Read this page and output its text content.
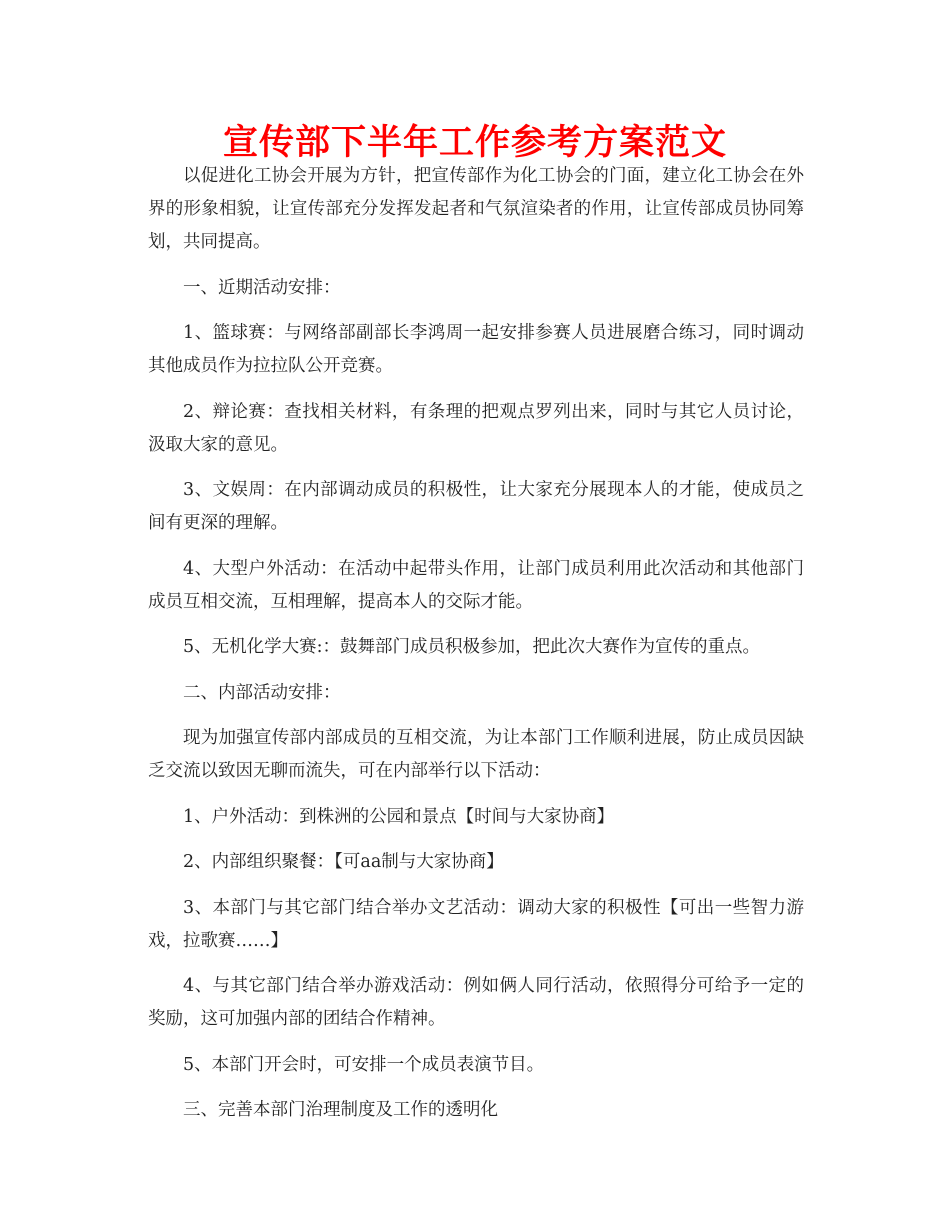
宣传部下半年工作参考方案范文

以促进化工协会开展为方针，把宣传部作为化工协会的门面，建立化工协会在外界的形象相貌，让宣传部充分发挥发起者和气氛渲染者的作用，让宣传部成员协同筹划，共同提高。

一、近期活动安排：

1、篮球赛：与网络部副部长李鸿周一起安排参赛人员进展磨合练习，同时调动其他成员作为拉拉队公开竞赛。

2、辩论赛：查找相关材料，有条理的把观点罗列出来，同时与其它人员讨论，汲取大家的意见。

3、文娱周：在内部调动成员的积极性，让大家充分展现本人的才能，使成员之间有更深的理解。

4、大型户外活动：在活动中起带头作用，让部门成员利用此次活动和其他部门成员互相交流，互相理解，提高本人的交际才能。

5、无机化学大赛:：鼓舞部门成员积极参加，把此次大赛作为宣传的重点。

二、内部活动安排：

现为加强宣传部内部成员的互相交流，为让本部门工作顺利进展，防止成员因缺乏交流以致因无聊而流失，可在内部举行以下活动：

1、户外活动：到株洲的公园和景点【时间与大家协商】

2、内部组织聚餐：【可aa制与大家协商】

3、本部门与其它部门结合举办文艺活动：调动大家的积极性【可出一些智力游戏，拉歌赛……】

4、与其它部门结合举办游戏活动：例如俩人同行活动，依照得分可给予一定的奖励，这可加强内部的团结合作精神。

5、本部门开会时，可安排一个成员表演节目。

三、完善本部门治理制度及工作的透明化
